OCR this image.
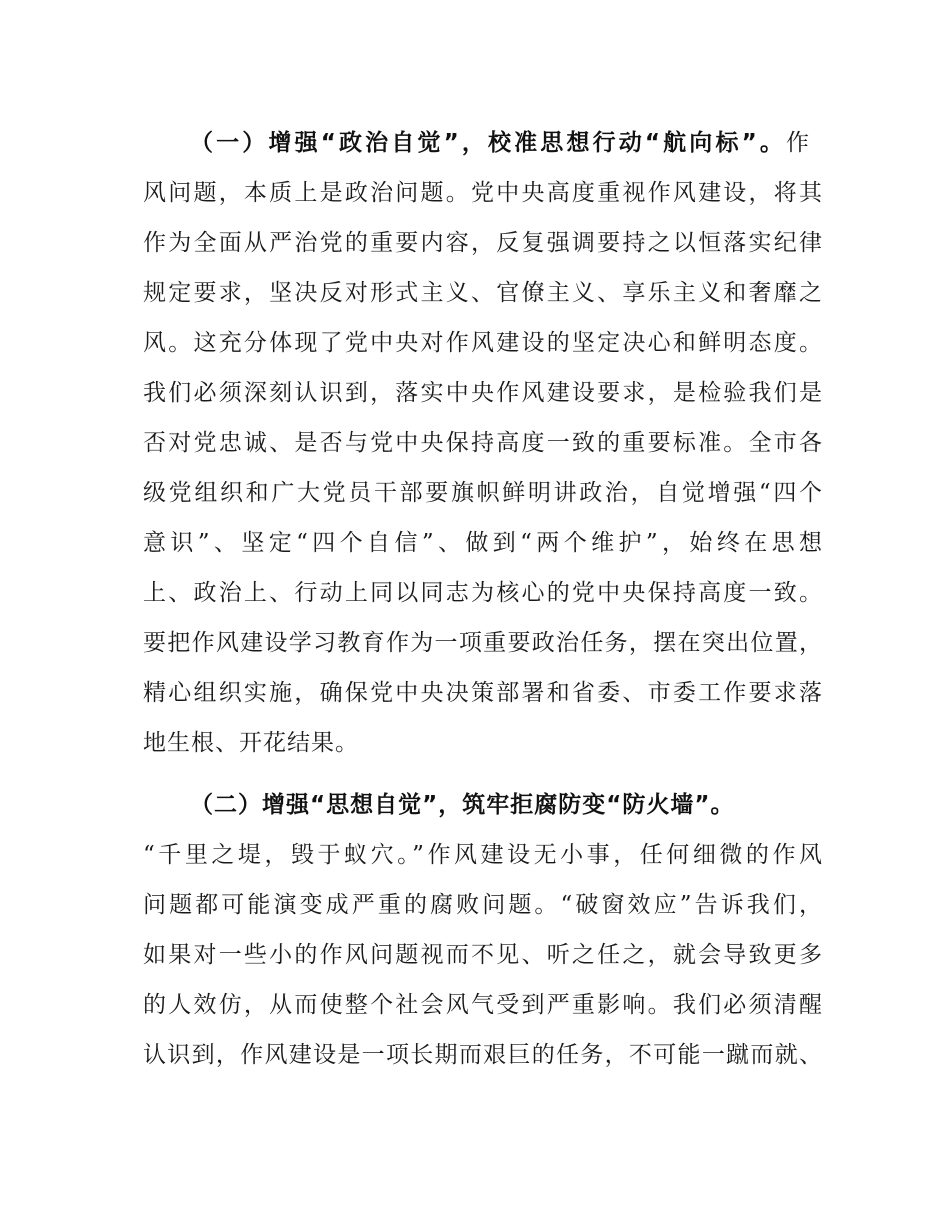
（一）增强“政治自觉”，校准思想行动“航向标”。作
风问题，本质上是政治问题。党中央高度重视作风建设，将其
作为全面从严治党的重要内容，反复强调要持之以恒落实纪律
规定要求，坚决反对形式主义、官僚主义、享乐主义和奢靡之
风。这充分体现了党中央对作风建设的坚定决心和鲜明态度。
我们必须深刻认识到，落实中央作风建设要求，是检验我们是
否对党忠诚、是否与党中央保持高度一致的重要标准。全市各
级党组织和广大党员干部要旗帜鲜明讲政治，自觉增强“四个
意识”、坚定“四个自信”、做到“两个维护”，始终在思想
上、政治上、行动上同以同志为核心的党中央保持高度一致。
要把作风建设学习教育作为一项重要政治任务，摆在突出位置，
精心组织实施，确保党中央决策部署和省委、市委工作要求落
地生根、开花结果。
（二）增强“思想自觉”，筑牢拒腐防变“防火墙”。
“千里之堤，毁于蚁穴。”作风建设无小事，任何细微的作风
问题都可能演变成严重的腐败问题。“破窗效应”告诉我们，
如果对一些小的作风问题视而不见、听之任之，就会导致更多
的人效仿，从而使整个社会风气受到严重影响。我们必须清醒
认识到，作风建设是一项长期而艰巨的任务，不可能一蹴而就、
